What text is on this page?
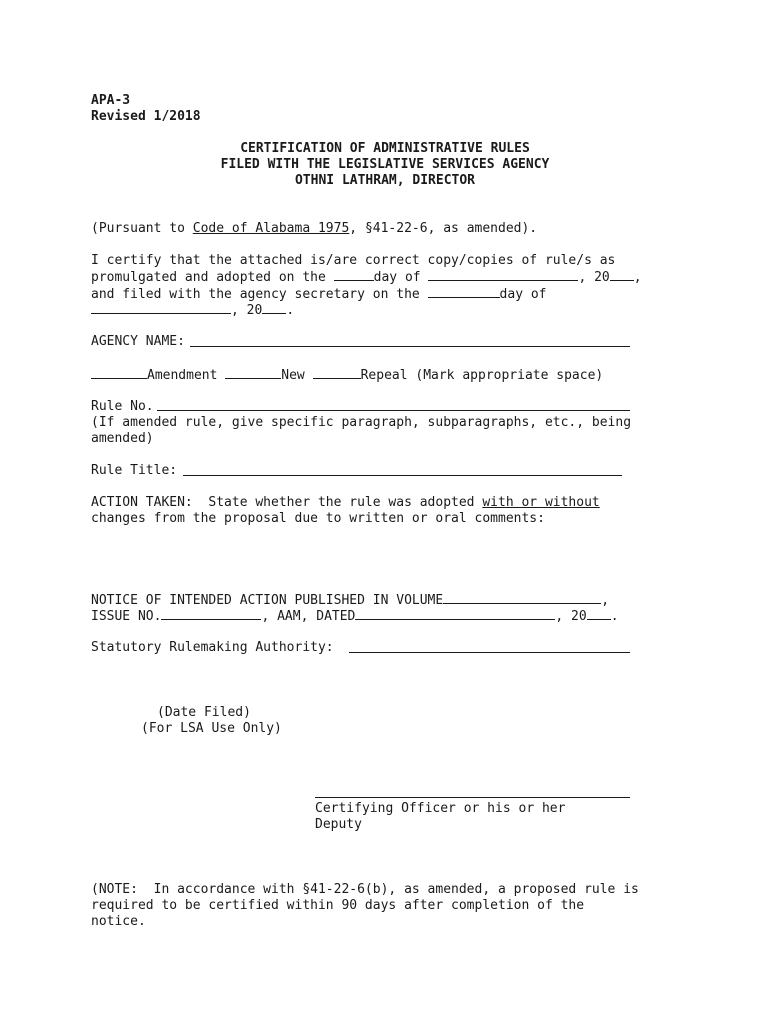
APA-3
Revised 1/2018
CERTIFICATION OF ADMINISTRATIVE RULES
FILED WITH THE LEGISLATIVE SERVICES AGENCY
OTHNI LATHRAM, DIRECTOR
(Pursuant to Code of Alabama 1975, §41-22-6, as amended).
I certify that the attached is/are correct copy/copies of rule/s as
promulgated and adopted on the	day of	, 20 ,
and filed with the agency secretary on the	day of
, 20 .
AGENCY NAME:
Amendment	New	Repeal (Mark appropriate space)
Rule No.
(If amended rule, give specific paragraph, subparagraphs, etc., being
amended)
Rule Title:
ACTION TAKEN:  State whether the rule was adopted with or without
changes from the proposal due to written or oral comments:
NOTICE OF INTENDED ACTION PUBLISHED IN VOLUME	,
ISSUE NO.	, AAM, DATED	, 20 .
Statutory Rulemaking Authority:
(Date Filed)
(For LSA Use Only)
Certifying Officer or his or her
Deputy
(NOTE:  In accordance with §41-22-6(b), as amended, a proposed rule is
required to be certified within 90 days after completion of the
notice.
